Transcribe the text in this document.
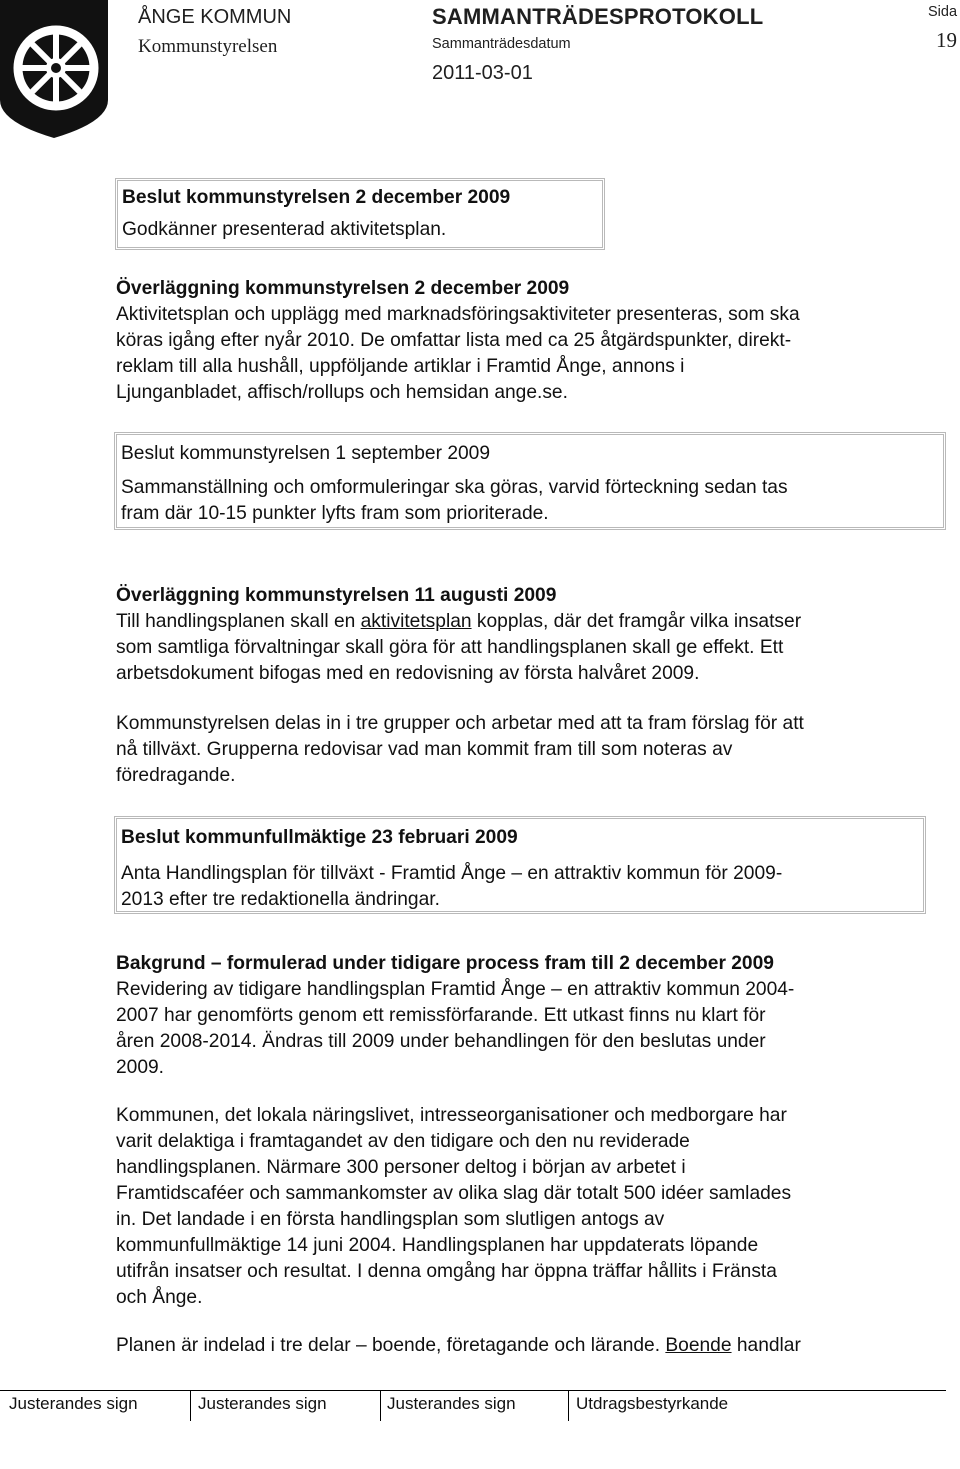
ÅNGE KOMMUN
Kommunstyrelsen
SAMMANTRÄDESPROTOKOLL
Sammanträdesdatum
2011-03-01
Sida
19
Beslut kommunstyrelsen 2 december 2009
Godkänner presenterad aktivitetsplan.
Överläggning kommunstyrelsen 2 december 2009
Aktivitetsplan och upplägg med marknadsföringsaktiviteter presenteras, som ska
köras igång efter nyår 2010. De omfattar lista med ca 25 åtgärdspunkter, direkt-
reklam till alla hushåll, uppföljande artiklar i Framtid Ånge, annons i
Ljunganbladet, affisch/rollups och hemsidan ange.se.
Beslut kommunstyrelsen 1 september 2009
Sammanställning och omformuleringar ska göras, varvid förteckning sedan tas
fram där 10-15 punkter lyfts fram som prioriterade.
Överläggning kommunstyrelsen 11 augusti 2009
Till handlingsplanen skall en aktivitetsplan kopplas, där det framgår vilka insatser
som samtliga förvaltningar skall göra för att handlingsplanen skall ge effekt. Ett
arbetsdokument bifogas med en redovisning av första halvåret 2009.
Kommunstyrelsen delas in i tre grupper och arbetar med att ta fram förslag för att
nå tillväxt. Grupperna redovisar vad man kommit fram till som noteras av
föredragande.
Beslut kommunfullmäktige 23 februari 2009
Anta Handlingsplan för tillväxt - Framtid Ånge – en attraktiv kommun för 2009-
2013 efter tre redaktionella ändringar.
Bakgrund – formulerad under tidigare process fram till 2 december 2009
Revidering av tidigare handlingsplan Framtid Ånge – en attraktiv kommun 2004-
2007 har genomförts genom ett remissförfarande. Ett utkast finns nu klart för
åren 2008-2014. Ändras till 2009 under behandlingen för den beslutas under
2009.
Kommunen, det lokala näringslivet, intresseorganisationer och medborgare har
varit delaktiga i framtagandet av den tidigare och den nu reviderade
handlingsplanen. Närmare 300 personer deltog i början av arbetet i
Framtidscaféer och sammankomster av olika slag där totalt 500 idéer samlades
in. Det landade i en första handlingsplan som slutligen antogs av
kommunfullmäktige 14 juni 2004. Handlingsplanen har uppdaterats löpande
utifrån insatser och resultat. I denna omgång har öppna träffar hållits i Fränsta
och Ånge.
Planen är indelad i tre delar – boende, företagande och lärande. Boende handlar
Justerandes sign	Justerandes sign	Justerandes sign	Utdragsbestyrkande
